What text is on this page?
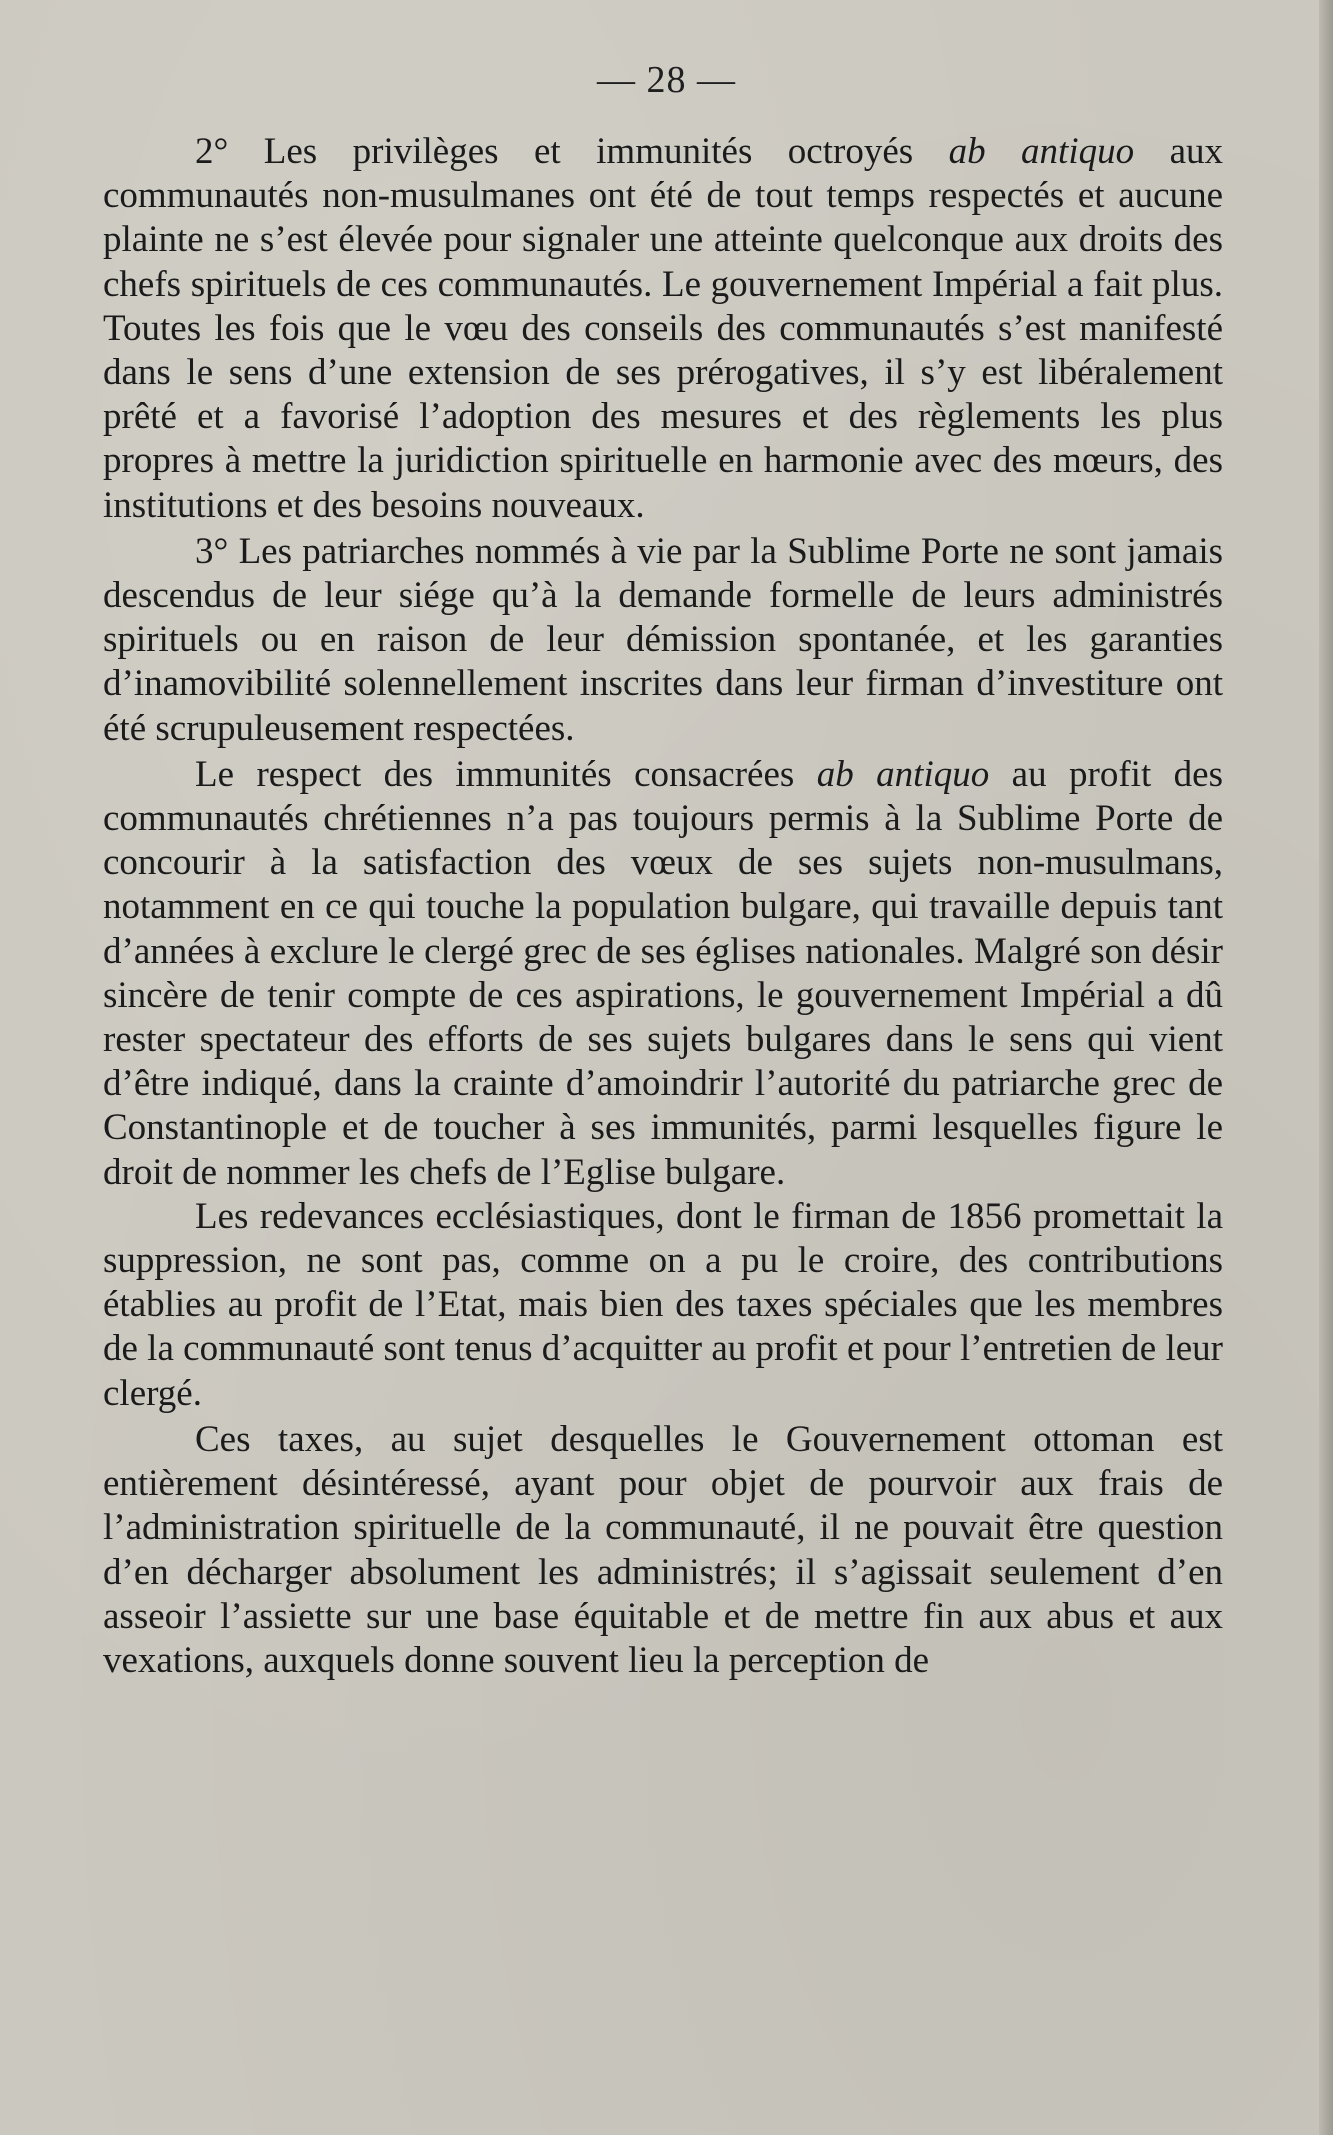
— 28 —

2° Les privilèges et immunités octroyés ab antiquo aux communautés non-musulmanes ont été de tout temps respectés et aucune plainte ne s’est élevée pour signaler une atteinte quelconque aux droits des chefs spirituels de ces communautés. Le gouvernement Impérial a fait plus. Toutes les fois que le vœu des conseils des communautés s’est manifesté dans le sens d’une extension de ses prérogatives, il s’y est libéralement prêté et a favorisé l’adoption des mesures et des règlements les plus propres à mettre la juridiction spirituelle en harmonie avec des mœurs, des institutions et des besoins nouveaux.

3° Les patriarches nommés à vie par la Sublime Porte ne sont jamais descendus de leur siége qu’à la demande formelle de leurs administrés spirituels ou en raison de leur démission spontanée, et les garanties d’inamovibilité solennellement inscrites dans leur firman d’investiture ont été scrupuleusement respectées.

Le respect des immunités consacrées ab antiquo au profit des communautés chrétiennes n’a pas toujours permis à la Sublime Porte de concourir à la satisfaction des vœux de ses sujets non-musulmans, notamment en ce qui touche la population bulgare, qui travaille depuis tant d’années à exclure le clergé grec de ses églises nationales. Malgré son désir sincère de tenir compte de ces aspirations, le gouvernement Impérial a dû rester spectateur des efforts de ses sujets bulgares dans le sens qui vient d’être indiqué, dans la crainte d’amoindrir l’autorité du patriarche grec de Constantinople et de toucher à ses immunités, parmi lesquelles figure le droit de nommer les chefs de l’Eglise bulgare.

Les redevances ecclésiastiques, dont le firman de 1856 promettait la suppression, ne sont pas, comme on a pu le croire, des contributions établies au profit de l’Etat, mais bien des taxes spéciales que les membres de la communauté sont tenus d’acquitter au profit et pour l’entretien de leur clergé.

Ces taxes, au sujet desquelles le Gouvernement ottoman est entièrement désintéressé, ayant pour objet de pourvoir aux frais de l’administration spirituelle de la communauté, il ne pouvait être question d’en décharger absolument les administrés; il s’agissait seulement d’en asseoir l’assiette sur une base équitable et de mettre fin aux abus et aux vexations, auxquels donne souvent lieu la perception de
